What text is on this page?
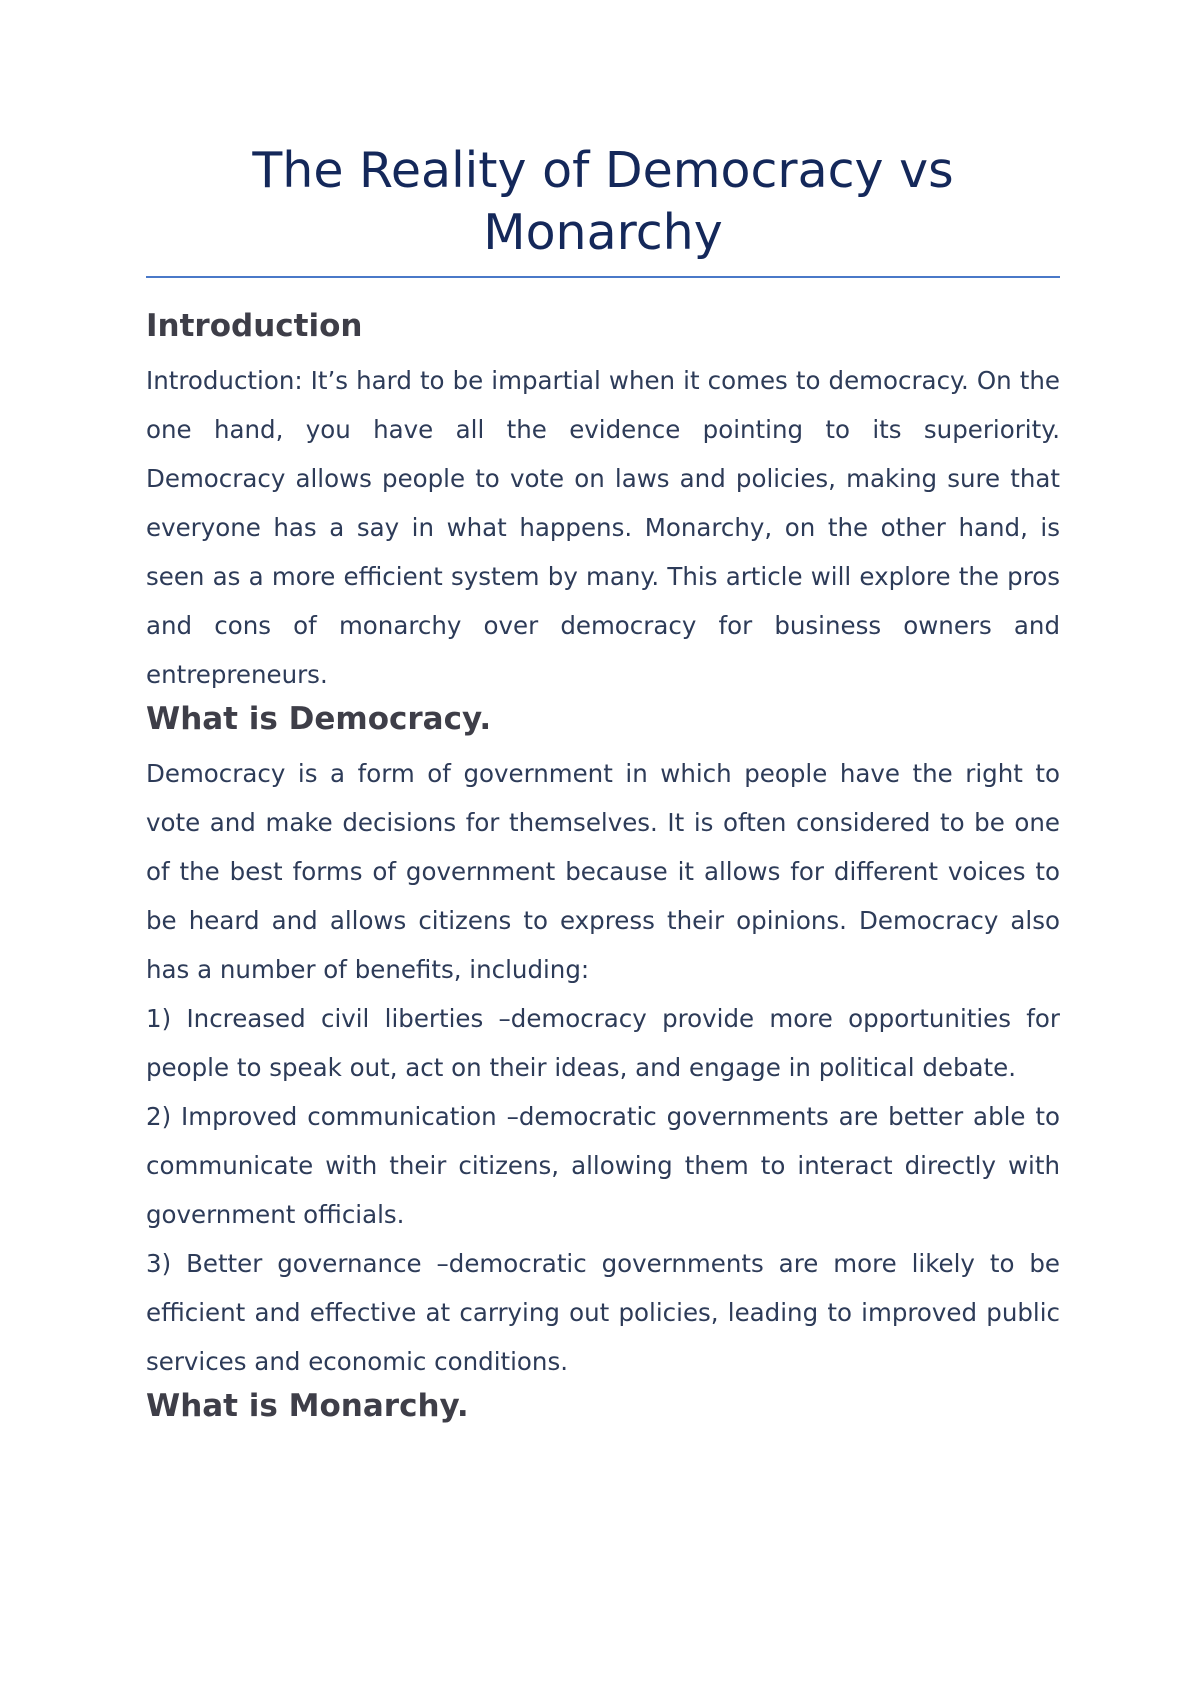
The Reality of Democracy vs Monarchy
Introduction

Introduction: It’s hard to be impartial when it comes to democracy. On the one hand, you have all the evidence pointing to its superiority. Democracy allows people to vote on laws and policies, making sure that everyone has a say in what happens. Monarchy, on the other hand, is seen as a more efficient system by many. This article will explore the pros and cons of monarchy over democracy for business owners and entrepreneurs.

What is Democracy.

Democracy is a form of government in which people have the right to vote and make decisions for themselves. It is often considered to be one of the best forms of government because it allows for different voices to be heard and allows citizens to express their opinions. Democracy also has a number of benefits, including:

1) Increased civil liberties –democracy provide more opportunities for people to speak out, act on their ideas, and engage in political debate.

2) Improved communication –democratic governments are better able to communicate with their citizens, allowing them to interact directly with government officials.

3) Better governance –democratic governments are more likely to be efficient and effective at carrying out policies, leading to improved public services and economic conditions.

What is Monarchy.
